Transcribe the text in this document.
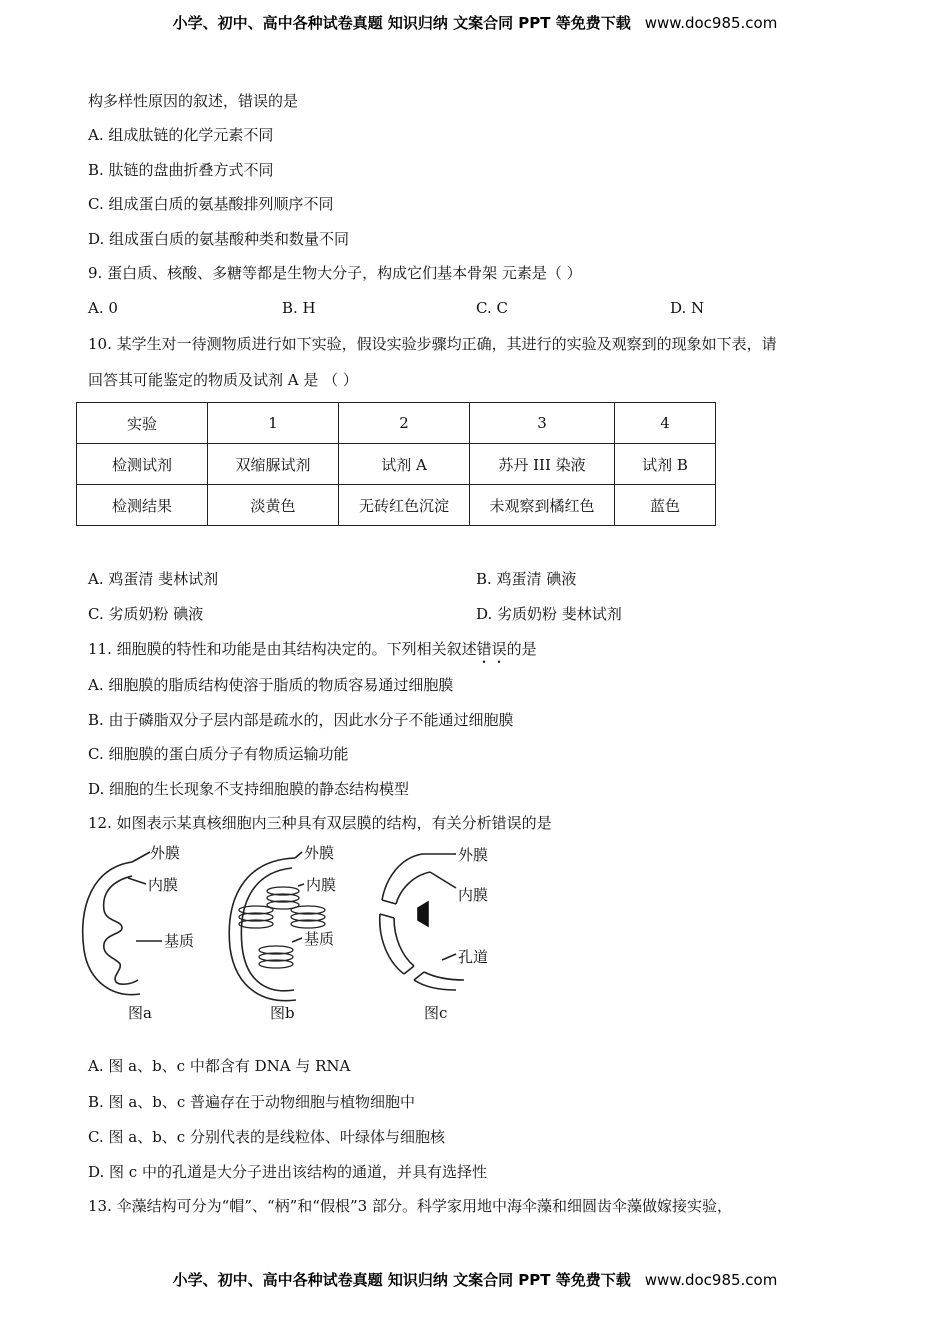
小学、初中、高中各种试卷真题 知识归纳 文案合同 PPT 等免费下载 www.doc985.com
构多样性原因的叙述，错误的是
A. 组成肽链的化学元素不同
B. 肽链的盘曲折叠方式不同
C. 组成蛋白质的氨基酸排列顺序不同
D. 组成蛋白质的氨基酸种类和数量不同
9. 蛋白质、核酸、多糖等都是生物大分子，构成它们基本骨架 元素是（ ）
A. 0	B. H	C. C	D. N
10. 某学生对一待测物质进行如下实验，假设实验步骤均正确，其进行的实验及观察到的现象如下表，请
回答其可能鉴定的物质及试剂 A 是 （ ）
实验	1	2	3	4
检测试剂	双缩脲试剂	试剂 A	苏丹 III 染液	试剂 B
检测结果	淡黄色	无砖红色沉淀	未观察到橘红色	蓝色
A. 鸡蛋清 斐林试剂	B. 鸡蛋清 碘液
C. 劣质奶粉 碘液	D. 劣质奶粉 斐林试剂
11. 细胞膜的特性和功能是由其结构决定的。下列相关叙述错误的是
A. 细胞膜的脂质结构使溶于脂质的物质容易通过细胞膜
B. 由于磷脂双分子层内部是疏水的，因此水分子不能通过细胞膜
C. 细胞膜的蛋白质分子有物质运输功能
D. 细胞的生长现象不支持细胞膜的静态结构模型
12. 如图表示某真核细胞内三种具有双层膜的结构，有关分析错误的是
外膜
内膜
基质
图a
外膜
内膜
基质
图b
外膜
内膜
孔道
图c
A. 图 a、b、c 中都含有 DNA 与 RNA
B. 图 a、b、c 普遍存在于动物细胞与植物细胞中
C. 图 a、b、c 分别代表的是线粒体、叶绿体与细胞核
D. 图 c 中的孔道是大分子进出该结构的通道，并具有选择性
13. 伞藻结构可分为“帽”、“柄”和“假根”3 部分。科学家用地中海伞藻和细圆齿伞藻做嫁接实验，
小学、初中、高中各种试卷真题 知识归纳 文案合同 PPT 等免费下载 www.doc985.com
